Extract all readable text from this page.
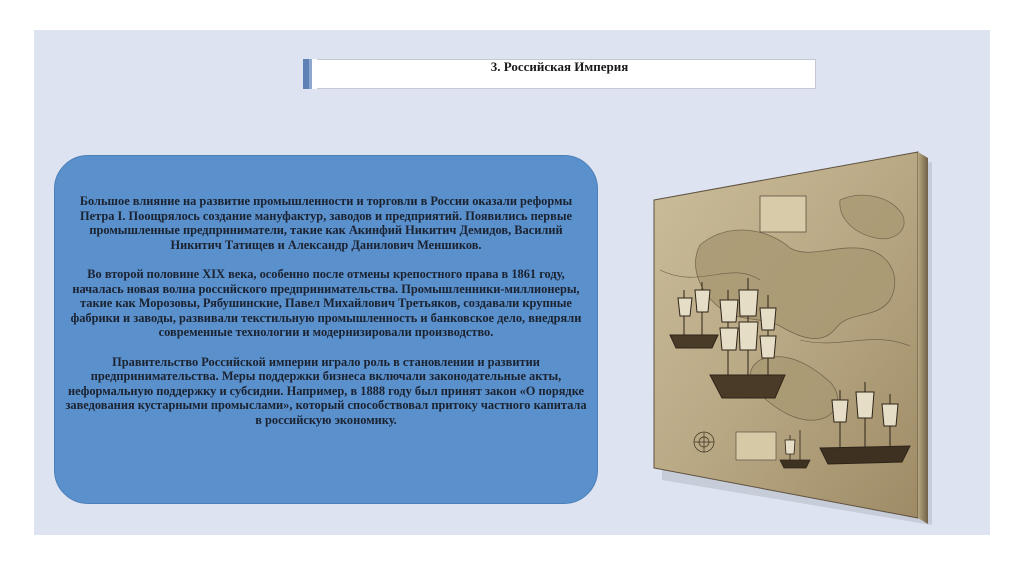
3. Российская Империя

Большое влияние на развитие промышленности и торговли в России оказали реформы Петра I. Поощрялось создание мануфактур, заводов и предприятий. Появились первые промышленные предприниматели, такие как Акинфий Никитич Демидов, Василий Никитич Татищев и Александр Данилович Меншиков.

Во второй половине XIX века, особенно после отмены крепостного права в 1861 году, началась новая волна российского предпринимательства. Промышленники-миллионеры, такие как Морозовы, Рябушинские, Павел Михайлович Третьяков, создавали крупные фабрики и заводы, развивали текстильную промышленность и банковское дело, внедряли современные технологии и модернизировали производство.

Правительство Российской империи играло роль в становлении и развитии предпринимательства. Меры поддержки бизнеса включали законодательные акты, неформальную поддержку и субсидии. Например, в 1888 году был принят закон «О порядке заведования кустарными промыслами», который способствовал притоку частного капитала в российскую экономику.
